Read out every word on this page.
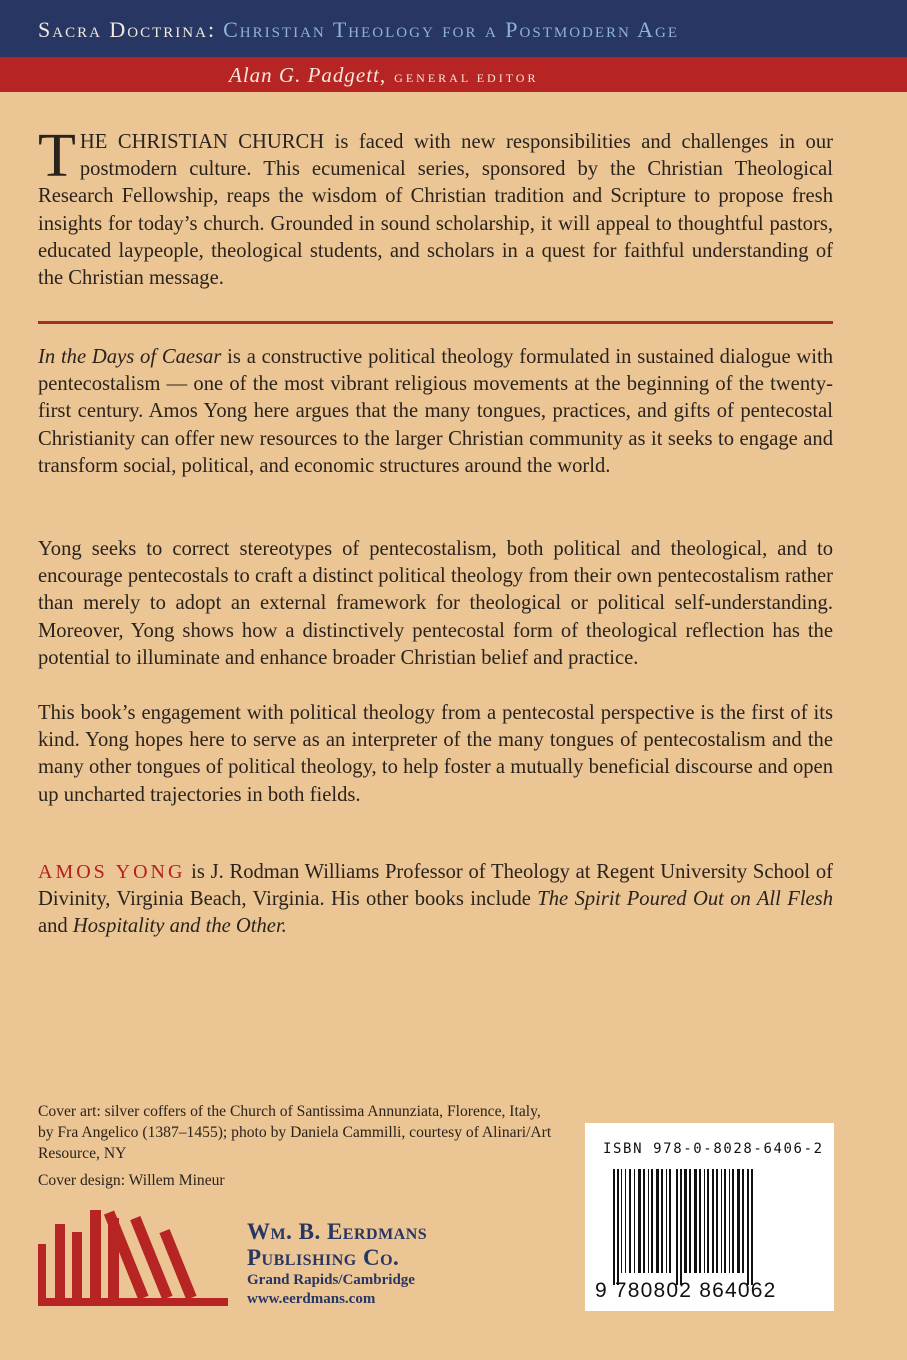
Sacra Doctrina: Christian Theology for a Postmodern Age
Alan G. Padgett, GENERAL EDITOR
THE CHRISTIAN CHURCH is faced with new responsibilities and challenges in our postmodern culture. This ecumenical series, sponsored by the Christian Theological Research Fellowship, reaps the wisdom of Christian tradition and Scripture to propose fresh insights for today’s church. Grounded in sound scholarship, it will appeal to thoughtful pastors, educated laypeople, theological students, and scholars in a quest for faithful understanding of the Christian message.

In the Days of Caesar is a constructive political theology formulated in sustained dialogue with pentecostalism — one of the most vibrant religious movements at the beginning of the twenty-first century. Amos Yong here argues that the many tongues, practices, and gifts of pentecostal Christianity can offer new resources to the larger Christian community as it seeks to engage and transform social, political, and economic structures around the world.

Yong seeks to correct stereotypes of pentecostalism, both political and theological, and to encourage pentecostals to craft a distinct political theology from their own pentecostalism rather than merely to adopt an external framework for theological or political self-understanding. Moreover, Yong shows how a distinctively pentecostal form of theological reflection has the potential to illuminate and enhance broader Christian belief and practice.

This book’s engagement with political theology from a pentecostal perspective is the first of its kind. Yong hopes here to serve as an interpreter of the many tongues of pentecostalism and the many other tongues of political theology, to help foster a mutually beneficial discourse and open up uncharted trajectories in both fields.

AMOS YONG is J. Rodman Williams Professor of Theology at Regent University School of Divinity, Virginia Beach, Virginia. His other books include The Spirit Poured Out on All Flesh and Hospitality and the Other.

Cover art: silver coffers of the Church of Santissima Annunziata, Florence, Italy, by Fra Angelico (1387–1455); photo by Daniela Cammilli, courtesy of Alinari/Art Resource, NY
Cover design: Willem Mineur
Wm. B. Eerdmans
Publishing Co.
Grand Rapids/Cambridge
www.eerdmans.com
ISBN 978-0-8028-6406-2
9 780802 864062
